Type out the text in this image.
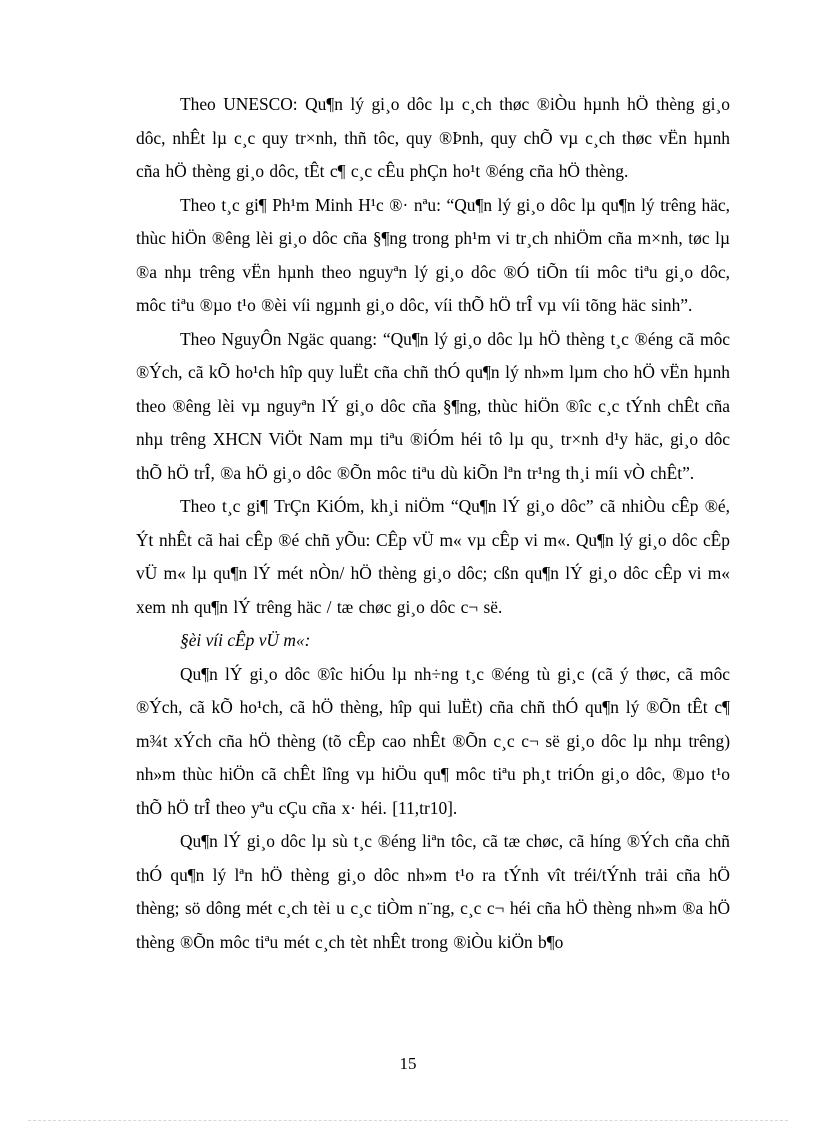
Theo UNESCO: Qu¶n lý gi¸o dôc lµ c¸ch thøc ®iÒu hµnh hÖ thèng gi¸o dôc, nhÊt lµ c¸c quy tr×nh, thñ tôc, quy ®Þnh, quy chÕ vµ c¸ch thøc vËn hµnh cña hÖ thèng gi¸o dôc, tÊt c¶ c¸c cÊu phÇn ho¹t ®éng cña hÖ thèng.

Theo t¸c gi¶ Ph¹m Minh H¹c ®· nªu: “Qu¶n lý gi¸o dôc lµ qu¶n lý trêng häc, thùc hiÖn ®êng lèi gi¸o dôc cña §¶ng trong ph¹m vi tr¸ch nhiÖm cña m×nh, tøc lµ ®a nhµ trêng vËn hµnh theo nguyªn lý gi¸o dôc ®Ó tiÕn tíi môc tiªu gi¸o dôc, môc tiªu ®µo t¹o ®èi víi ngµnh gi¸o dôc, víi thÕ hÖ trÎ vµ víi tõng häc sinh”.

Theo NguyÔn Ngäc quang: “Qu¶n lý gi¸o dôc lµ hÖ thèng t¸c ®éng cã môc ®Ých, cã kÕ ho¹ch hîp quy luËt cña chñ thÓ qu¶n lý nh»m lµm cho hÖ vËn hµnh theo ®êng lèi vµ nguyªn lÝ gi¸o dôc cña §¶ng, thùc hiÖn ®îc c¸c tÝnh chÊt cña nhµ trêng XHCN ViÖt Nam mµ tiªu ®iÓm héi tô lµ qu¸ tr×nh d¹y häc, gi¸o dôc thÕ hÖ trÎ, ®a hÖ gi¸o dôc ®Õn môc tiªu dù kiÕn lªn tr¹ng th¸i míi vÒ chÊt”.

Theo t¸c gi¶ TrÇn KiÓm, kh¸i niÖm “Qu¶n lÝ gi¸o dôc” cã nhiÒu cÊp ®é, Ýt nhÊt cã hai cÊp ®é chñ yÕu: CÊp vÜ m« vµ cÊp vi m«. Qu¶n lý gi¸o dôc cÊp vÜ m« lµ qu¶n lÝ mét nÒn/ hÖ thèng gi¸o dôc; cßn qu¶n lÝ gi¸o dôc cÊp vi m« xem nh qu¶n lÝ trêng häc / tæ chøc gi¸o dôc c¬ së.

§èi víi cÊp vÜ m«:

Qu¶n lÝ gi¸o dôc ®îc hiÓu lµ nh÷ng t¸c ®éng tù gi¸c (cã ý thøc, cã môc ®Ých, cã kÕ ho¹ch, cã hÖ thèng, hîp qui luËt) cña chñ thÓ qu¶n lý ®Õn tÊt c¶ m¾t xÝch cña hÖ thèng (tõ cÊp cao nhÊt ®Õn c¸c c¬ së gi¸o dôc lµ nhµ trêng) nh»m thùc hiÖn cã chÊt lîng vµ hiÖu qu¶ môc tiªu ph¸t triÓn gi¸o dôc, ®µo t¹o thÕ hÖ trÎ theo yªu cÇu cña x· héi. [11,tr10].

Qu¶n lÝ gi¸o dôc lµ sù t¸c ®éng liªn tôc, cã tæ chøc, cã híng ®Ých cña chñ thÓ qu¶n lý lªn hÖ thèng gi¸o dôc nh»m t¹o ra tÝnh vît tréi/tÝnh trải cña hÖ thèng; sö dông mét c¸ch tèi u c¸c tiÒm n¨ng, c¸c c¬ héi cña hÖ thèng nh»m ®a hÖ thèng ®Õn môc tiªu mét c¸ch tèt nhÊt trong ®iÒu kiÖn b¶o

15
